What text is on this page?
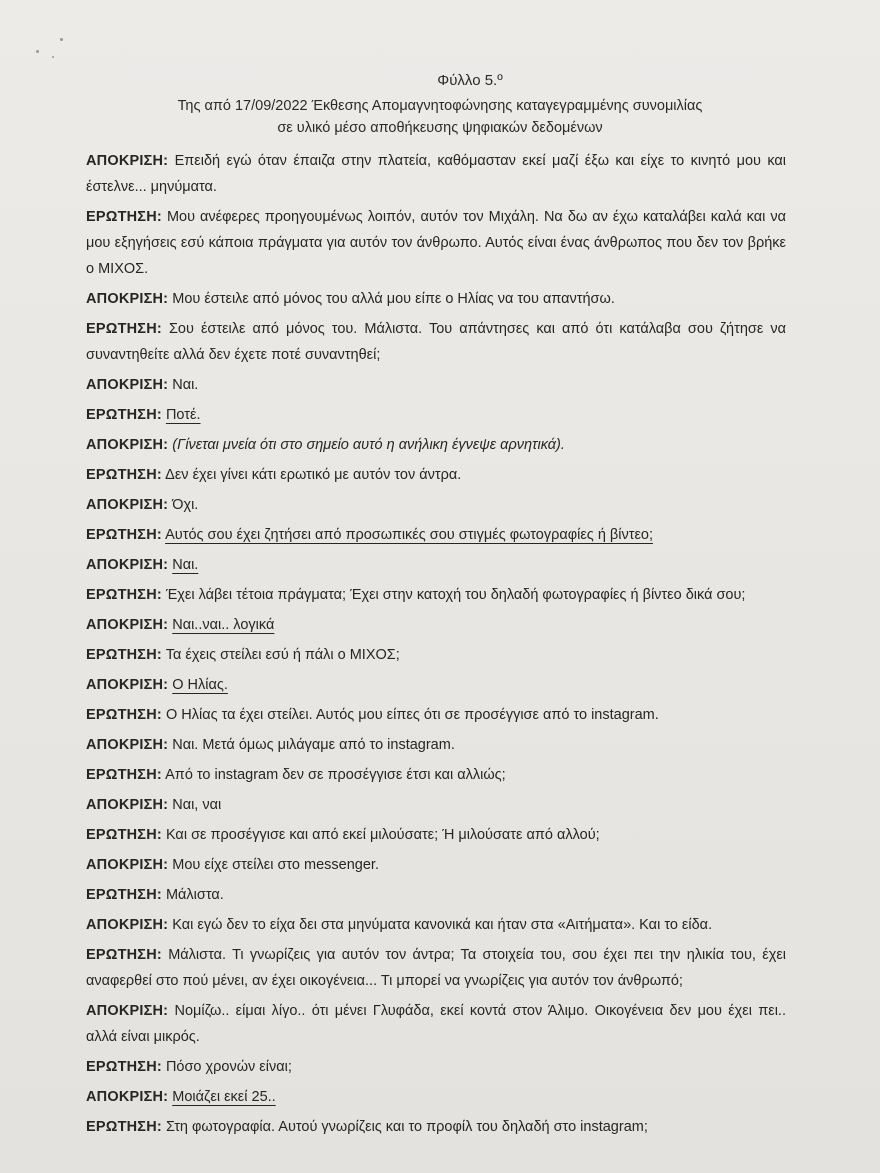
Φύλλο 5.º
Της από 17/09/2022 Έκθεσης Απομαγνητοφώνησης καταγεγραμμένης συνομιλίας
σε υλικό μέσο αποθήκευσης ψηφιακών δεδομένων

ΑΠΟΚΡΙΣΗ: Επειδή εγώ όταν έπαιζα στην πλατεία, καθόμασταν εκεί μαζί έξω και είχε το κινητό μου και έστελνε... μηνύματα.

ΕΡΩΤΗΣΗ: Μου ανέφερες προηγουμένως λοιπόν, αυτόν τον Μιχάλη. Να δω αν έχω καταλάβει καλά και να μου εξηγήσεις εσύ κάποια πράγματα για αυτόν τον άνθρωπο. Αυτός είναι ένας άνθρωπος που δεν τον βρήκε ο ΜΙΧΟΣ.

ΑΠΟΚΡΙΣΗ: Μου έστειλε από μόνος του αλλά μου είπε ο Ηλίας να του απαντήσω.

ΕΡΩΤΗΣΗ: Σου έστειλε από μόνος του. Μάλιστα. Του απάντησες και από ότι κατάλαβα σου ζήτησε να συναντηθείτε αλλά δεν έχετε ποτέ συναντηθεί;

ΑΠΟΚΡΙΣΗ: Ναι.

ΕΡΩΤΗΣΗ: Ποτέ.

ΑΠΟΚΡΙΣΗ: (Γίνεται μνεία ότι στο σημείο αυτό η ανήλικη έγνεψε αρνητικά).

ΕΡΩΤΗΣΗ: Δεν έχει γίνει κάτι ερωτικό με αυτόν τον άντρα.

ΑΠΟΚΡΙΣΗ: Όχι.

ΕΡΩΤΗΣΗ: Αυτός σου έχει ζητήσει από προσωπικές σου στιγμές φωτογραφίες ή βίντεο;

ΑΠΟΚΡΙΣΗ: Ναι.

ΕΡΩΤΗΣΗ: Έχει λάβει τέτοια πράγματα; Έχει στην κατοχή του δηλαδή φωτογραφίες ή βίντεο δικά σου;

ΑΠΟΚΡΙΣΗ: Ναι..ναι.. λογικά

ΕΡΩΤΗΣΗ: Τα έχεις στείλει εσύ ή πάλι ο ΜΙΧΟΣ;

ΑΠΟΚΡΙΣΗ: Ο Ηλίας.

ΕΡΩΤΗΣΗ: Ο Ηλίας τα έχει στείλει. Αυτός μου είπες ότι σε προσέγγισε από το instagram.

ΑΠΟΚΡΙΣΗ: Ναι. Μετά όμως μιλάγαμε από το instagram.

ΕΡΩΤΗΣΗ: Από το instagram δεν σε προσέγγισε έτσι και αλλιώς;

ΑΠΟΚΡΙΣΗ: Ναι, ναι

ΕΡΩΤΗΣΗ: Και σε προσέγγισε και από εκεί μιλούσατε; Ή μιλούσατε από αλλού;

ΑΠΟΚΡΙΣΗ: Μου είχε στείλει στο messenger.

ΕΡΩΤΗΣΗ: Μάλιστα.

ΑΠΟΚΡΙΣΗ: Και εγώ δεν το είχα δει στα μηνύματα κανονικά και ήταν στα «Αιτήματα». Και το είδα.

ΕΡΩΤΗΣΗ: Μάλιστα. Τι γνωρίζεις για αυτόν τον άντρα; Τα στοιχεία του, σου έχει πει την ηλικία του, έχει αναφερθεί στο πού μένει, αν έχει οικογένεια... Τι μπορεί να γνωρίζεις για αυτόν τον άνθρωπό;

ΑΠΟΚΡΙΣΗ: Νομίζω.. είμαι λίγο.. ότι μένει Γλυφάδα, εκεί κοντά στον Άλιμο. Οικογένεια δεν μου έχει πει.. αλλά είναι μικρός.

ΕΡΩΤΗΣΗ: Πόσο χρονών είναι;

ΑΠΟΚΡΙΣΗ: Μοιάζει εκεί 25..

ΕΡΩΤΗΣΗ: Στη φωτογραφία. Αυτού γνωρίζεις και το προφίλ του δηλαδή στο instagram;
